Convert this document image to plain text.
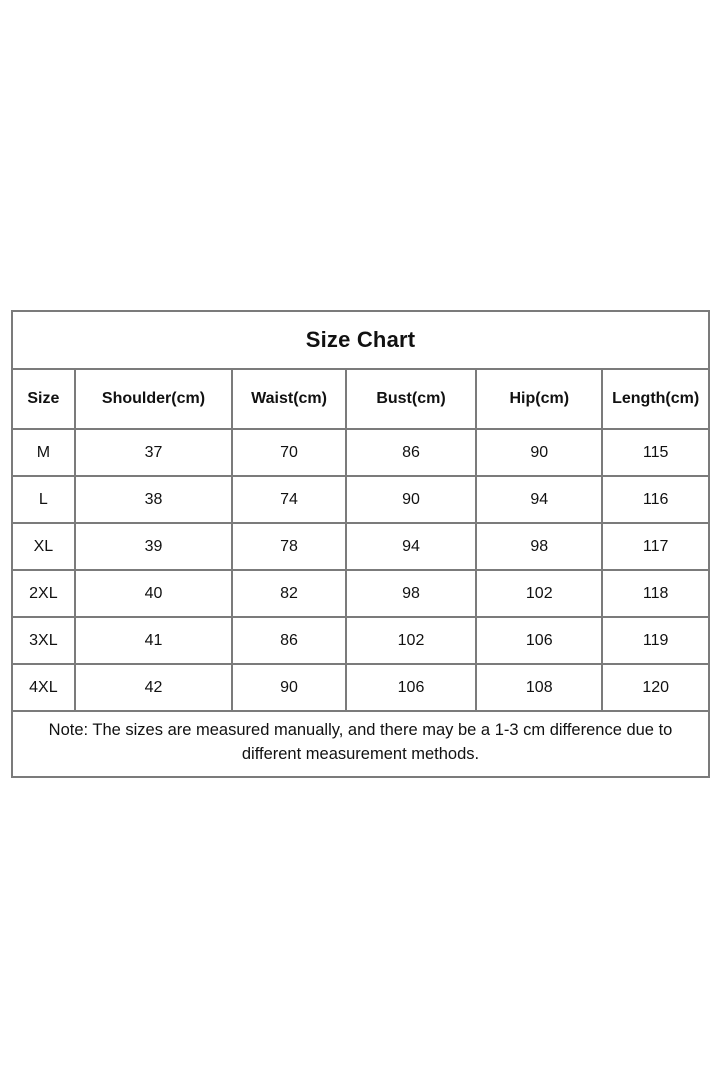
Size Chart					
Size	Shoulder(cm)	Waist(cm)	Bust(cm)	Hip(cm)	Length(cm)
M	37	70	86	90	115
L	38	74	90	94	116
XL	39	78	94	98	117
2XL	40	82	98	102	118
3XL	41	86	102	106	119
4XL	42	90	106	108	120
Note: The sizes are measured manually, and there may be a 1-3 cm difference due to different measurement methods.					
